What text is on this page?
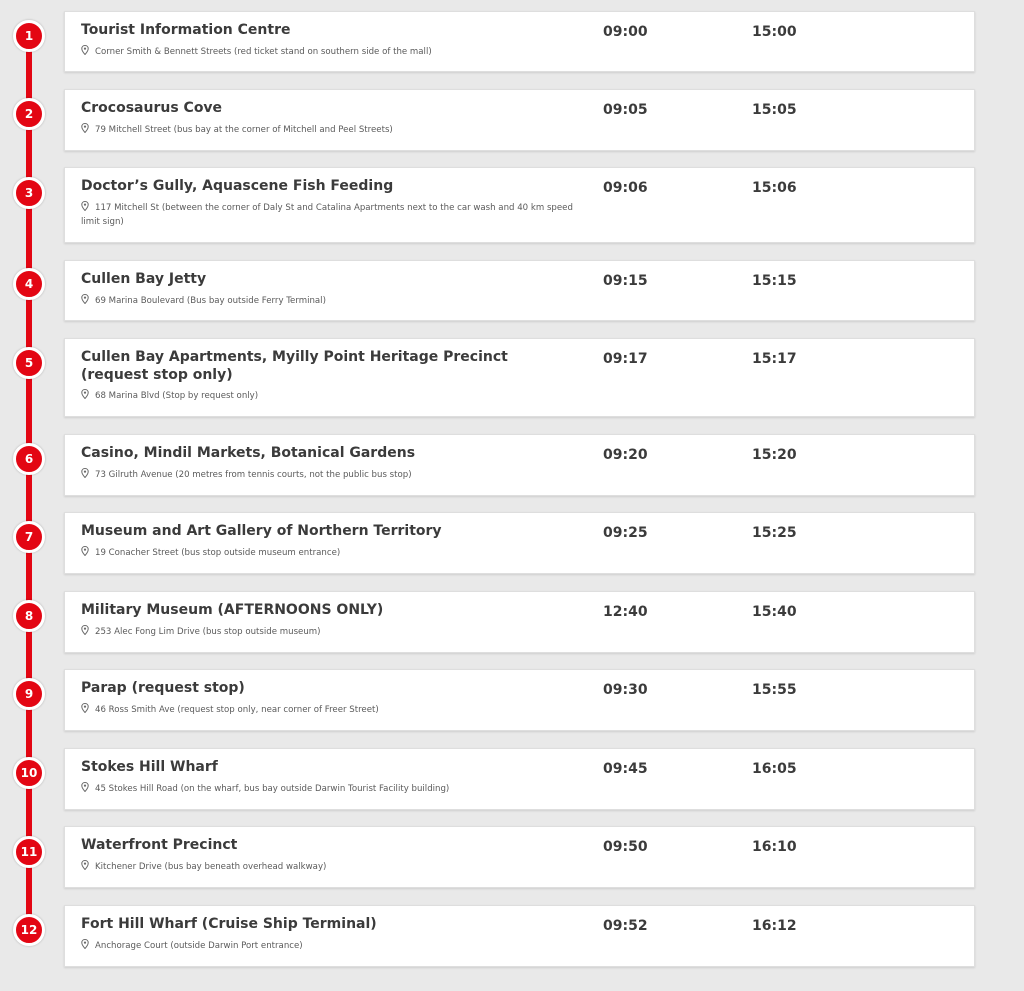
1	Tourist Information Centre
Corner Smith & Bennett Streets (red ticket stand on southern side of the mall)
09:00	15:00
2	Crocosaurus Cove
79 Mitchell Street (bus bay at the corner of Mitchell and Peel Streets)
09:05	15:05
3	Doctor’s Gully, Aquascene Fish Feeding
117 Mitchell St (between the corner of Daly St and Catalina Apartments next to the car wash and 40 km speed limit sign)
09:06	15:06
4	Cullen Bay Jetty
69 Marina Boulevard (Bus bay outside Ferry Terminal)
09:15	15:15
5	Cullen Bay Apartments, Myilly Point Heritage Precinct (request stop only)
68 Marina Blvd (Stop by request only)
09:17	15:17
6	Casino, Mindil Markets, Botanical Gardens
73 Gilruth Avenue (20 metres from tennis courts, not the public bus stop)
09:20	15:20
7	Museum and Art Gallery of Northern Territory
19 Conacher Street (bus stop outside museum entrance)
09:25	15:25
8	Military Museum (AFTERNOONS ONLY)
253 Alec Fong Lim Drive (bus stop outside museum)
12:40	15:40
9	Parap (request stop)
46 Ross Smith Ave (request stop only, near corner of Freer Street)
09:30	15:55
10	Stokes Hill Wharf
45 Stokes Hill Road (on the wharf, bus bay outside Darwin Tourist Facility building)
09:45	16:05
11	Waterfront Precinct
Kitchener Drive (bus bay beneath overhead walkway)
09:50	16:10
12	Fort Hill Wharf (Cruise Ship Terminal)
Anchorage Court (outside Darwin Port entrance)
09:52	16:12
